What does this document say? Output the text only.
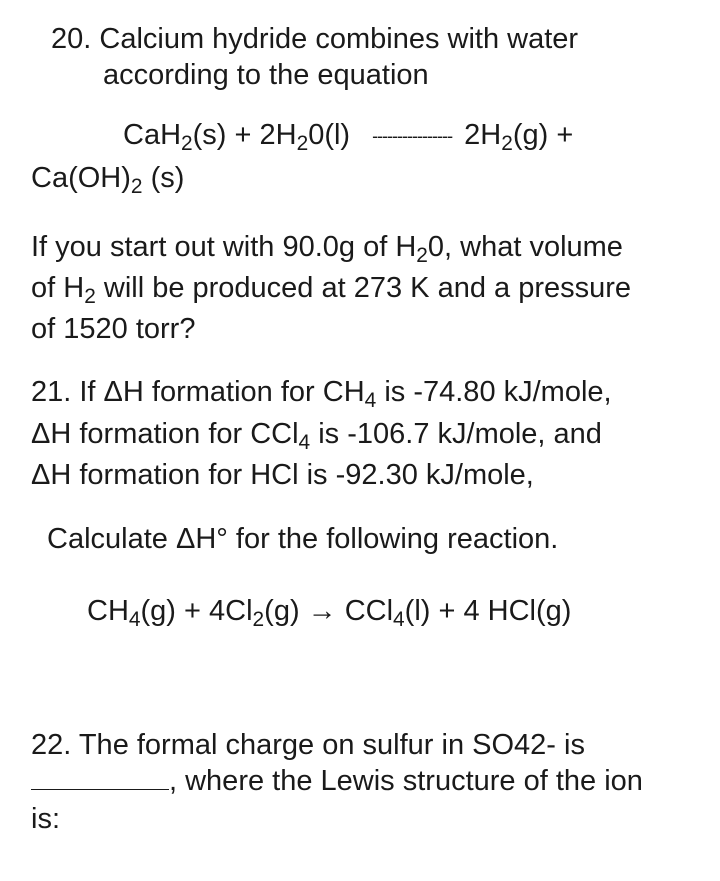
20. Calcium hydride combines with water
according to the equation
$CaH_2(s) + 2H_20(l)$ ---------------- $2H_2(g)$ +
$Ca(OH)_2$ (s)
If you start out with 90.0g of $H_20$, what volume
of $H_2$ will be produced at 273 K and a pressure
of 1520 torr?
21. If ΔH formation for $CH_4$ is -74.80 kJ/mole,
ΔH formation for CCl$_4$ is -106.7 kJ/mole, and
ΔH formation for HCl is -92.30 kJ/mole,
Calculate ΔH° for the following reaction.
$CH_4(g) + 4Cl_2(g) \to CCl_4(l) + 4$ HCl(g)
22. The formal charge on sulfur in SO42- is
, where the Lewis structure of the ion
is:
